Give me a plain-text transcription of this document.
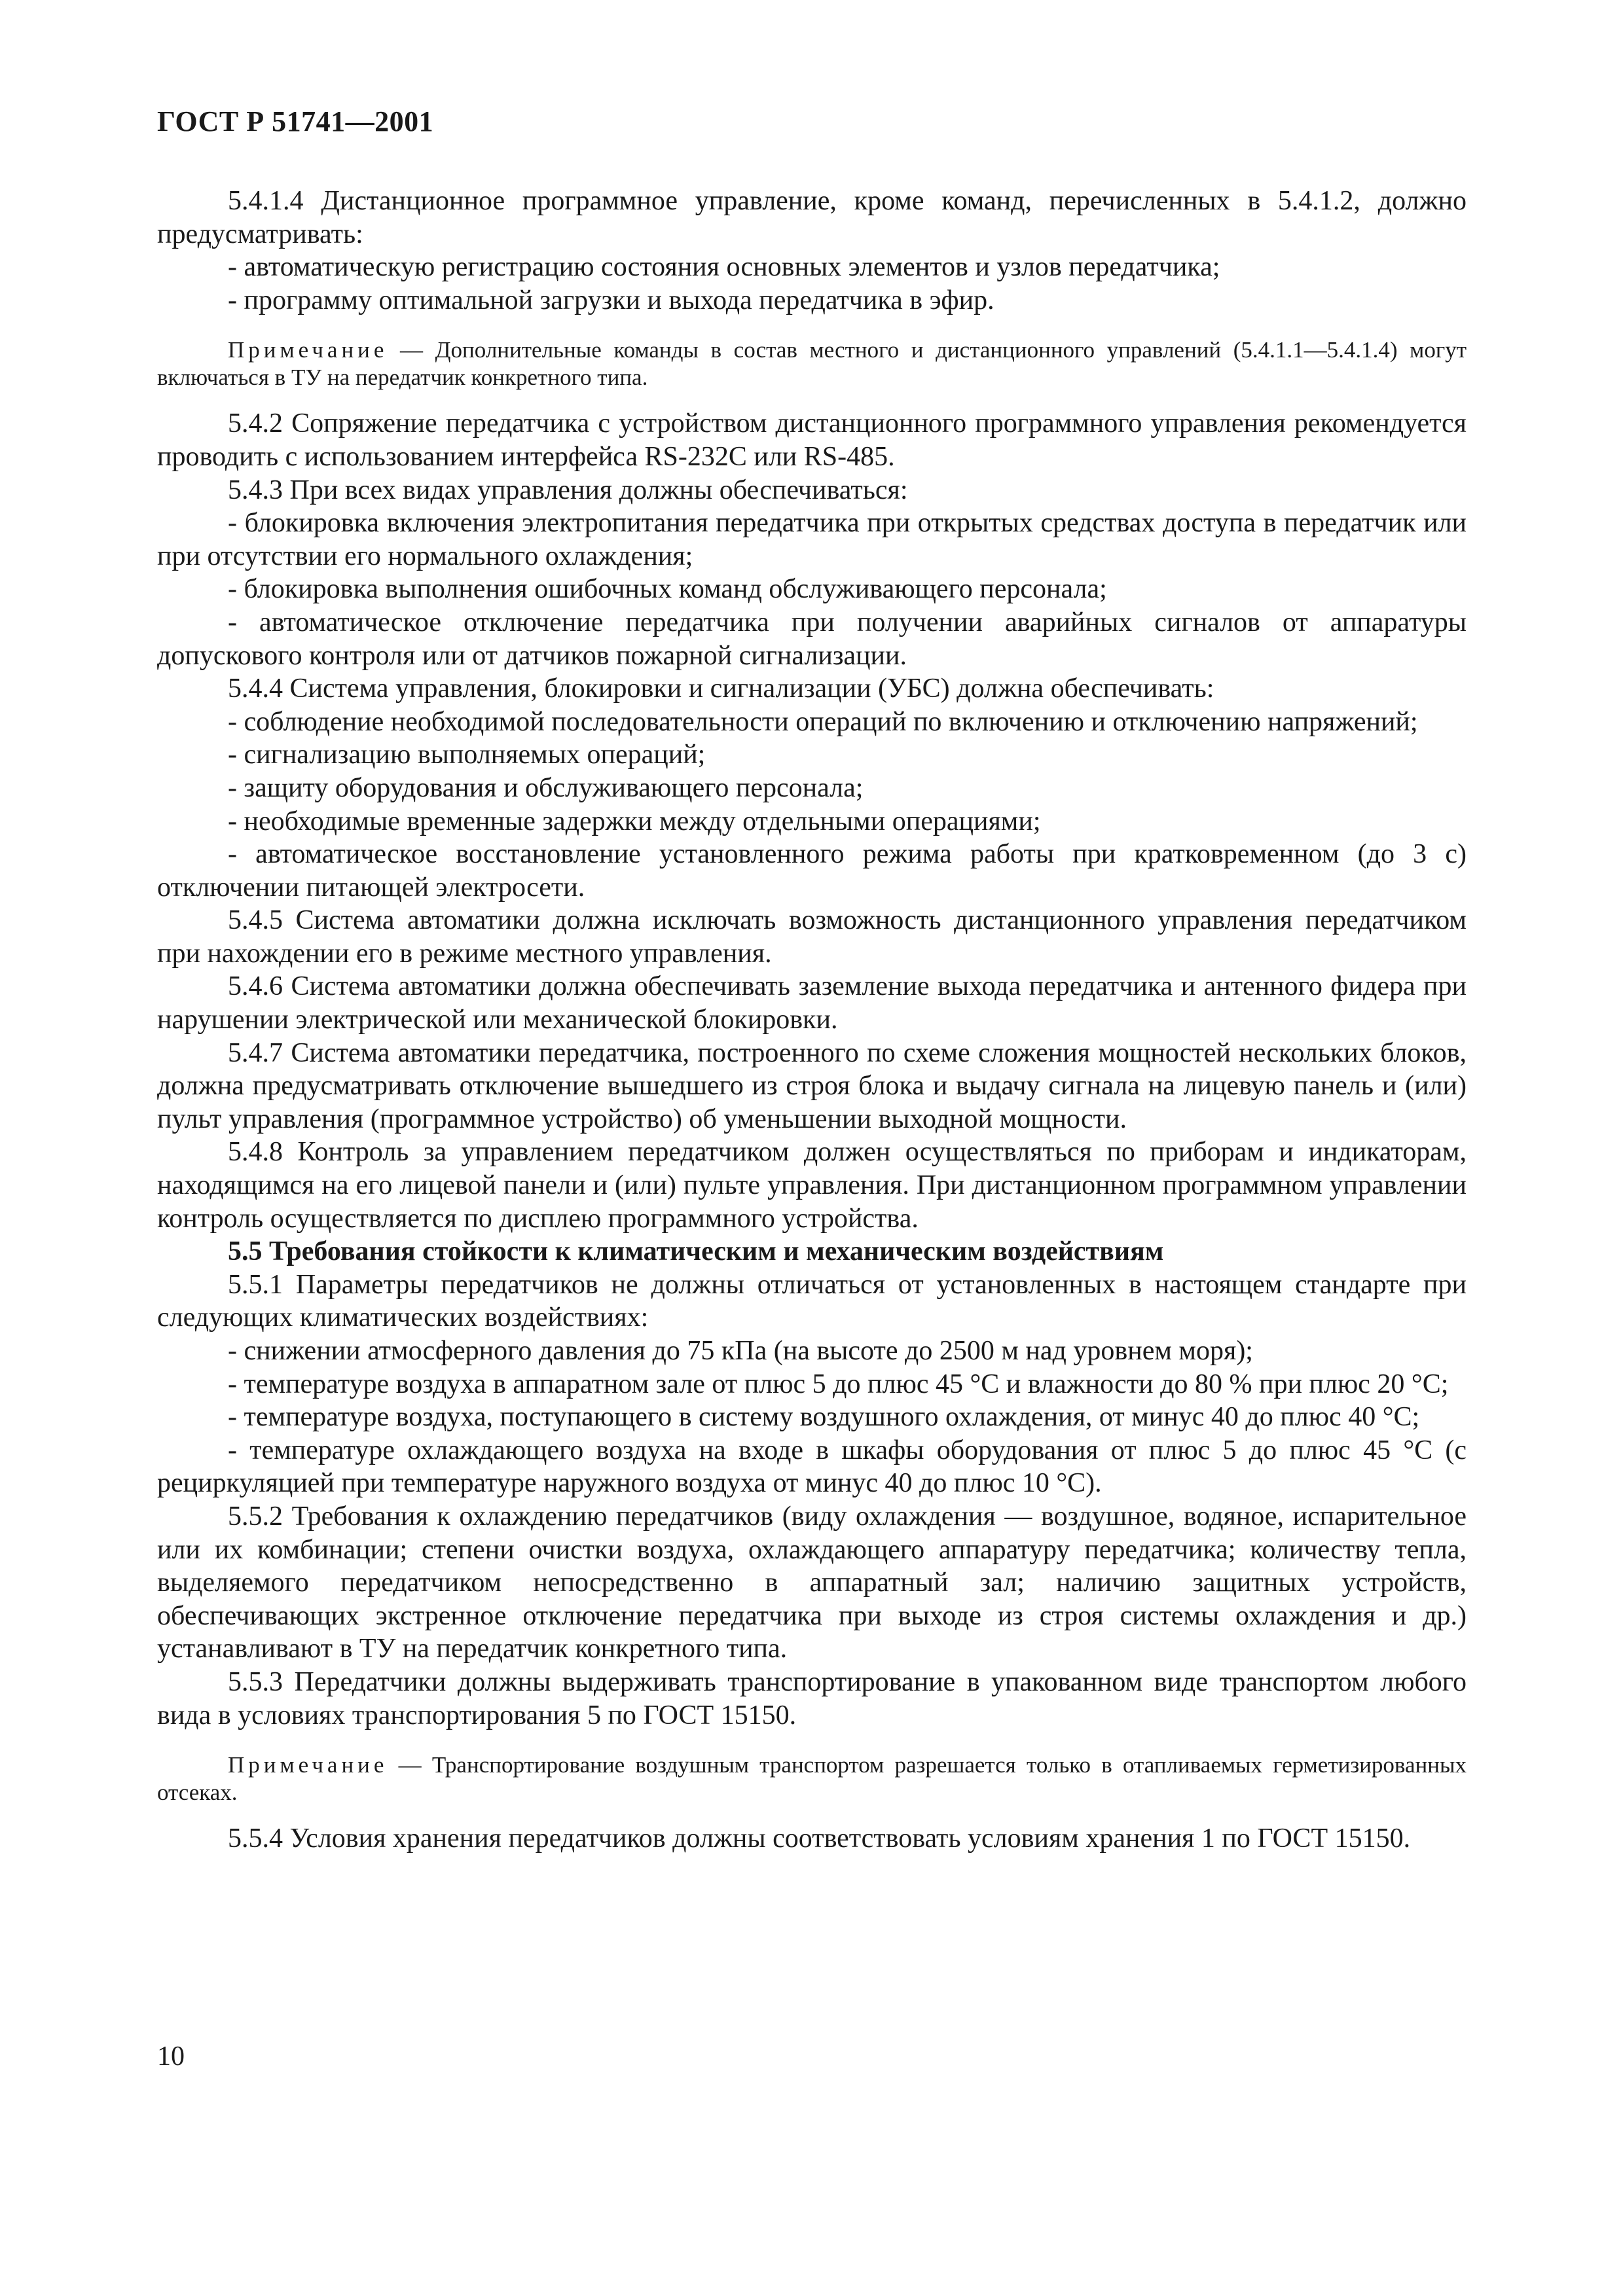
ГОСТ Р 51741—2001

5.4.1.4 Дистанционное программное управление, кроме команд, перечисленных в 5.4.1.2, должно предусматривать:

- автоматическую регистрацию состояния основных элементов и узлов передатчика;

- программу оптимальной загрузки и выхода передатчика в эфир.

Примечание — Дополнительные команды в состав местного и дистанционного управлений (5.4.1.1—5.4.1.4) могут включаться в ТУ на передатчик конкретного типа.

5.4.2 Сопряжение передатчика с устройством дистанционного программного управления рекомендуется проводить с использованием интерфейса RS-232C или RS-485.

5.4.3 При всех видах управления должны обеспечиваться:

- блокировка включения электропитания передатчика при открытых средствах доступа в передатчик или при отсутствии его нормального охлаждения;

- блокировка выполнения ошибочных команд обслуживающего персонала;

- автоматическое отключение передатчика при получении аварийных сигналов от аппаратуры допускового контроля или от датчиков пожарной сигнализации.

5.4.4 Система управления, блокировки и сигнализации (УБС) должна обеспечивать:

- соблюдение необходимой последовательности операций по включению и отключению напряжений;

- сигнализацию выполняемых операций;

- защиту оборудования и обслуживающего персонала;

- необходимые временные задержки между отдельными операциями;

- автоматическое восстановление установленного режима работы при кратковременном (до 3 с) отключении питающей электросети.

5.4.5 Система автоматики должна исключать возможность дистанционного управления передатчиком при нахождении его в режиме местного управления.

5.4.6 Система автоматики должна обеспечивать заземление выхода передатчика и антенного фидера при нарушении электрической или механической блокировки.

5.4.7 Система автоматики передатчика, построенного по схеме сложения мощностей нескольких блоков, должна предусматривать отключение вышедшего из строя блока и выдачу сигнала на лицевую панель и (или) пульт управления (программное устройство) об уменьшении выходной мощности.

5.4.8 Контроль за управлением передатчиком должен осуществляться по приборам и индикаторам, находящимся на его лицевой панели и (или) пульте управления. При дистанционном программном управлении контроль осуществляется по дисплею программного устройства.

5.5 Требования стойкости к климатическим и механическим воздействиям

5.5.1 Параметры передатчиков не должны отличаться от установленных в настоящем стандарте при следующих климатических воздействиях:

- снижении атмосферного давления до 75 кПа (на высоте до 2500 м над уровнем моря);

- температуре воздуха в аппаратном зале от плюс 5 до плюс 45 °С и влажности до 80 % при плюс 20 °С;

- температуре воздуха, поступающего в систему воздушного охлаждения, от минус 40 до плюс 40 °С;

- температуре охлаждающего воздуха на входе в шкафы оборудования от плюс 5 до плюс 45 °С (с рециркуляцией при температуре наружного воздуха от минус 40 до плюс 10 °С).

5.5.2 Требования к охлаждению передатчиков (виду охлаждения — воздушное, водяное, испарительное или их комбинации; степени очистки воздуха, охлаждающего аппаратуру передатчика; количеству тепла, выделяемого передатчиком непосредственно в аппаратный зал; наличию защитных устройств, обеспечивающих экстренное отключение передатчика при выходе из строя системы охлаждения и др.) устанавливают в ТУ на передатчик конкретного типа.

5.5.3 Передатчики должны выдерживать транспортирование в упакованном виде транспортом любого вида в условиях транспортирования 5 по ГОСТ 15150.

Примечание — Транспортирование воздушным транспортом разрешается только в отапливаемых герметизированных отсеках.

5.5.4 Условия хранения передатчиков должны соответствовать условиям хранения 1 по ГОСТ 15150.

10
